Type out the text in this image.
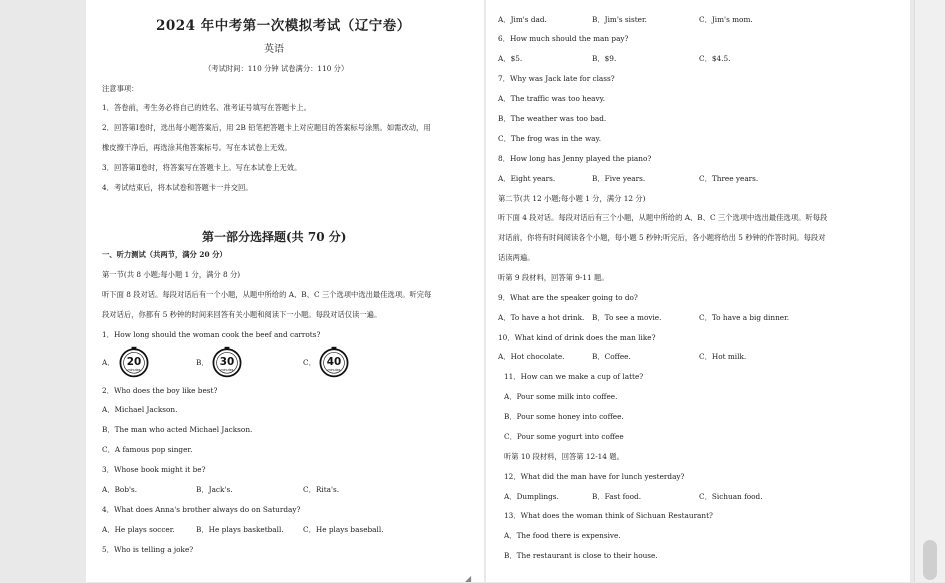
2024 年中考第一次模拟考试（辽宁卷）
英语
（考试时间：110 分钟 试卷满分：110 分）
注意事项：
1．答卷前，考生务必将自己的姓名、准考证号填写在答题卡上。
2．回答第Ⅰ卷时，选出每小题答案后，用 2B 铅笔把答题卡上对应题目的答案标号涂黑。如需改动，用
橡皮擦干净后，再选涂其他答案标号。写在本试卷上无效。
3．回答第Ⅱ卷时，将答案写在答题卡上。写在本试卷上无效。
4．考试结束后，将本试卷和答题卡一并交回。
第一部分选择题(共 70 分)
一、听力测试（共两节，满分 20 分）
第一节(共 8 小题;每小题 1 分，满分 8 分)
听下面 8 段对话。每段对话后有一个小题，从题中所给的 A、B、C 三个选项中选出最佳选项。听完每
段对话后，你都有 5 秒钟的时间来回答有关小题和阅读下一小题。每段对话仅读一遍。
1．How long should the woman cook the beef and carrots?
A． 20
minutes
B． 30
minutes
C． 40
minutes
2．Who does the boy like best?
A．Michael Jackson.
B．The man who acted Michael Jackson.
C．A famous pop singer.
3．Whose book might it be?
A．Bob's.	B．Jack's.	C．Rita's.
4．What does Anna's brother always do on Saturday?
A．He plays soccer.	B．He plays basketball.	C．He plays baseball.
5．Who is telling a joke?
A．Jim's dad.	B．Jim's sister.	C．Jim's mom.
6．How much should the man pay?
A．$5.	B．$9.	C．$4.5.
7．Why was Jack late for class?
A．The traffic was too heavy.
B．The weather was too bad.
C．The frog was in the way.
8．How long has Jenny played the piano?
A．Eight years.	B．Five years.	C．Three years.
第二节(共 12 小题;每小题 1 分，满分 12 分)
听下面 4 段对话。每段对话后有三个小题，从题中所给的 A、B、C 三个选项中选出最佳选项。听每段
对话前，你将有时间阅读各个小题，每小题 5 秒钟;听完后，各小题将给出 5 秒钟的作答时间。每段对
话读两遍。
听第 9 段材料，回答第 9-11 题。
9．What are the speaker going to do?
A．To have a hot drink. B．To see a movie.	C．To have a big dinner.
10．What kind of drink does the man like?
A．Hot chocolate.	B．Coffee.	C．Hot milk.
11．How can we make a cup of latte?
A．Pour some milk into coffee.
B．Pour some honey into coffee.
C．Pour some yogurt into coffee
听第 10 段材料，回答第 12-14 题。
12．What did the man have for lunch yesterday?
A．Dumplings.	B．Fast food.	C．Sichuan food.
13．What does the woman think of Sichuan Restaurant?
A．The food there is expensive.
B．The restaurant is close to their house.
◢
